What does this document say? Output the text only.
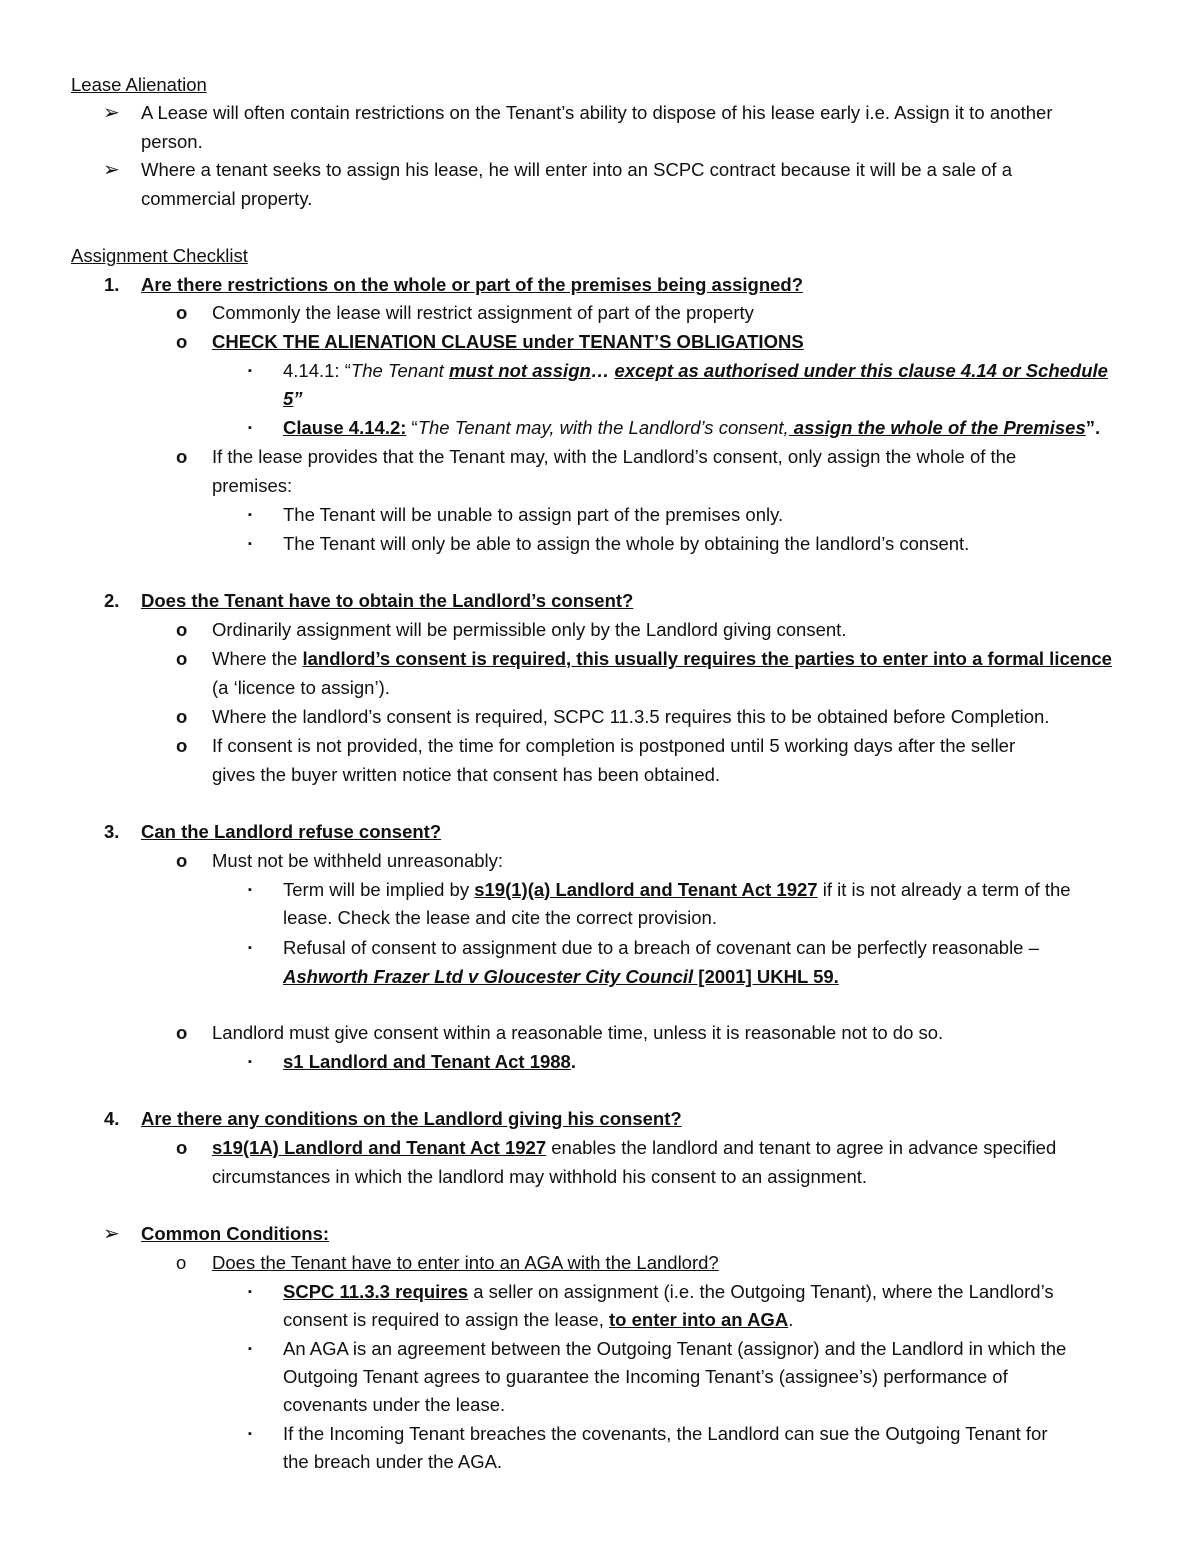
Lease Alienation
➢ A Lease will often contain restrictions on the Tenant’s ability to dispose of his lease early i.e. Assign it to another
person.
➢ Where a tenant seeks to assign his lease, he will enter into an SCPC contract because it will be a sale of a
commercial property.
Assignment Checklist
1. Are there restrictions on the whole or part of the premises being assigned?
o Commonly the lease will restrict assignment of part of the property
o CHECK THE ALIENATION CLAUSE under TENANT’S OBLIGATIONS
▪ 4.14.1: “The Tenant must not assign… except as authorised under this clause 4.14 or Schedule
5”
▪ Clause 4.14.2: “The Tenant may, with the Landlord’s consent, assign the whole of the Premises”.
o If the lease provides that the Tenant may, with the Landlord’s consent, only assign the whole of the
premises:
▪ The Tenant will be unable to assign part of the premises only.
▪ The Tenant will only be able to assign the whole by obtaining the landlord’s consent.
2. Does the Tenant have to obtain the Landlord’s consent?
o Ordinarily assignment will be permissible only by the Landlord giving consent.
o Where the landlord’s consent is required, this usually requires the parties to enter into a formal licence
(a ‘licence to assign’).
o Where the landlord’s consent is required, SCPC 11.3.5 requires this to be obtained before Completion.
o If consent is not provided, the time for completion is postponed until 5 working days after the seller
gives the buyer written notice that consent has been obtained.
3. Can the Landlord refuse consent?
o Must not be withheld unreasonably:
▪ Term will be implied by s19(1)(a) Landlord and Tenant Act 1927 if it is not already a term of the
lease. Check the lease and cite the correct provision.
▪ Refusal of consent to assignment due to a breach of covenant can be perfectly reasonable –
Ashworth Frazer Ltd v Gloucester City Council [2001] UKHL 59.
o Landlord must give consent within a reasonable time, unless it is reasonable not to do so.
▪ s1 Landlord and Tenant Act 1988.
4. Are there any conditions on the Landlord giving his consent?
o s19(1A) Landlord and Tenant Act 1927 enables the landlord and tenant to agree in advance specified
circumstances in which the landlord may withhold his consent to an assignment.
➢ Common Conditions:
o Does the Tenant have to enter into an AGA with the Landlord?
▪ SCPC 11.3.3 requires a seller on assignment (i.e. the Outgoing Tenant), where the Landlord’s
consent is required to assign the lease, to enter into an AGA.
▪ An AGA is an agreement between the Outgoing Tenant (assignor) and the Landlord in which the
Outgoing Tenant agrees to guarantee the Incoming Tenant’s (assignee’s) performance of
covenants under the lease.
▪ If the Incoming Tenant breaches the covenants, the Landlord can sue the Outgoing Tenant for
the breach under the AGA.
